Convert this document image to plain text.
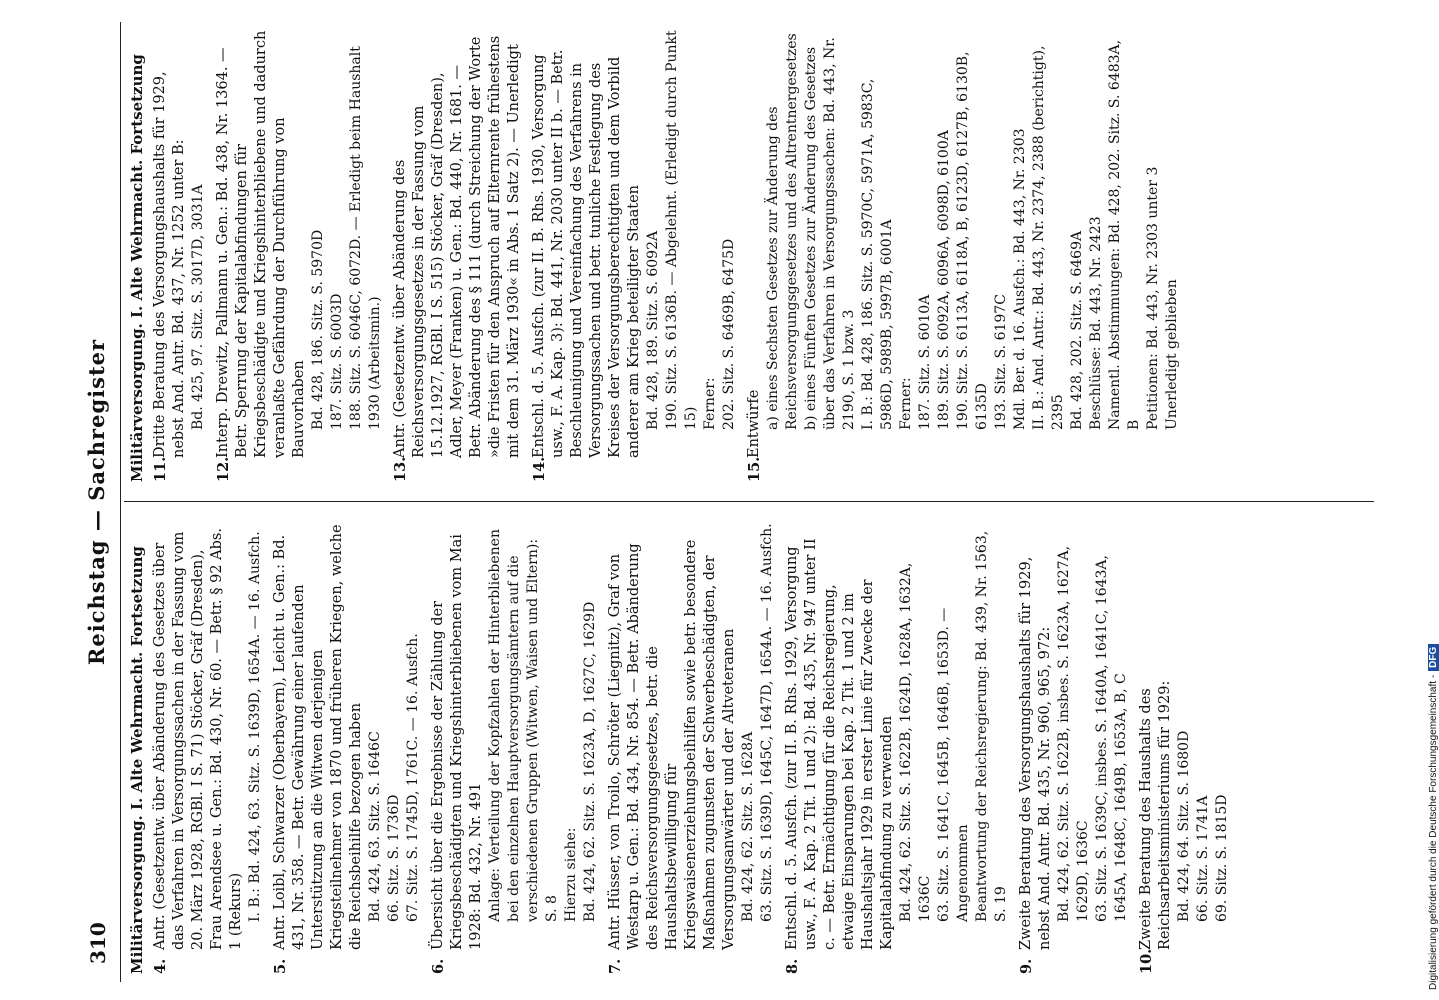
310
Reichstag — Sachregister
Militärversorgung. I. Alte Wehrmacht. Fortsetzung 4.
Antr. (Gesetzentw. über Abänderung des Gesetzes über das Verfahren in Versorgungssachen in der Fassung vom 20. März 1928, RGBl. I S. 71) Stöcker, Gräf (Dresden), Frau Arendsee u. Gen.: Bd. 430, Nr. 60. — Betr. § 92 Abs. 1 (Rekurs) I. B.: Bd. 424, 63. Sitz. S. 1639D, 1654A. — 16. Ausfch.
5.
Antr. Loibl, Schwarzer (Oberbayern), Leicht u. Gen.: Bd. 431, Nr. 358. — Betr. Gewährung einer laufenden Unterstützung an die Witwen derjenigen Kriegsteilnehmer von 1870 und früheren Kriegen, welche die Reichsbeihilfe bezogen haben Bd. 424, 63. Sitz. S. 1646C 66. Sitz. S. 1736D 67. Sitz. S. 1745D, 1761C. — 16. Ausfch.
6.
Übersicht über die Ergebnisse der Zählung der Kriegsbeschädigten und Kriegshinterbliebenen vom Mai 1928: Bd. 432, Nr. 491 Anlage: Verteilung der Kopfzahlen der Hinterbliebenen bei den einzelnen Hauptversorgungsämtern auf die verschiedenen Gruppen (Witwen, Waisen und Eltern): S. 8 Hierzu siehe: Bd. 424, 62. Sitz. S. 1623A, D, 1627C, 1629D
7.
Antr. Hüsser, von Troilo, Schröter (Liegnitz), Graf von Westarp u. Gen.: Bd. 434, Nr. 854. — Betr. Abänderung des Reichsversorgungsgesetzes, betr. die Haushaltsbewilligung für Kriegswaisenerziehungsbeihilfen sowie betr. besondere Maßnahmen zugunsten der Schwerbeschädigten, der Versorgungsanwärter und der Altveteranen Bd. 424, 62. Sitz. S. 1628A 63. Sitz. S. 1639D, 1645C, 1647D, 1654A. — 16. Ausfch.
8.
Entschl. d. 5. Ausfch. (zur II. B. Rhs. 1929, Versorgung usw., F. A. Kap. 2 Tit. 1 und 2): Bd. 435, Nr. 947 unter II c. — Betr. Ermächtigung für die Reichsregierung, etwaige Einsparungen bei Kap. 2 Tit. 1 und 2 im Haushaltsjahr 1929 in erster Linie für Zwecke der Kapitalabfindung zu verwenden Bd. 424, 62. Sitz. S. 1622B, 1624D, 1628A, 1632A, 1636C 63. Sitz. S. 1641C, 1645B, 1646B, 1653D. — Angenommen Beantwortung der Reichsregierung: Bd. 439, Nr. 1563, S. 19
9.
Zweite Beratung des Versorgungshaushalts für 1929, nebst And. Antr. Bd. 435, Nr. 960, 965, 972: Bd. 424, 62. Sitz. S. 1622B, insbes. S. 1623A, 1627A, 1629D, 1636C 63. Sitz. S. 1639C, insbes. S. 1640A, 1641C, 1643A, 1645A, 1648C, 1649B, 1653A, B, C
10.
Zweite Beratung des Haushalts des Reichsarbeitsministeriums für 1929: Bd. 424, 64. Sitz. S. 1680D 66. Sitz. S. 1741A 69. Sitz. S. 1815D
Militärversorgung. I. Alte Wehrmacht. Fortsetzung 11.
Dritte Beratung des Versorgungshaushalts für 1929, nebst And. Antr. Bd. 437, Nr. 1252 unter B: Bd. 425, 97. Sitz. S. 3017D, 3031A
12.
Interp. Drewitz, Pallmann u. Gen.: Bd. 438, Nr. 1364. — Betr. Sperrung der Kapitalabfindungen für Kriegsbeschädigte und Kriegshinterbliebene und dadurch veranlaßte Gefährdung der Durchführung von Bauvorhaben Bd. 428, 186. Sitz. S. 5970D 187. Sitz. S. 6003D 188. Sitz. S. 6046C, 6072D. — Erledigt beim Haushalt 1930 (Arbeitsmin.)
13.
Antr. (Gesetzentw. über Abänderung des Reichsversorgungsgesetzes in der Fassung vom 15.12.1927, RGBl. I S. 515) Stöcker, Gräf (Dresden), Adler, Meyer (Franken) u. Gen.: Bd. 440, Nr. 1681. — Betr. Abänderung des § 111 (durch Streichung der Worte »die Fristen für den Anspruch auf Elternrente frühestens mit dem 31. März 1930« in Abs. 1 Satz 2). — Unerledigt
14.
Entschl. d. 5. Ausfch. (zur II. B. Rhs. 1930, Versorgung usw., F. A. Kap. 3): Bd. 441, Nr. 2030 unter II b. — Betr. Beschleunigung und Vereinfachung des Verfahrens in Versorgungssachen und betr. tunliche Festlegung des Kreises der Versorgungsberechtigten und dem Vorbild anderer am Krieg beteiligter Staaten Bd. 428, 189. Sitz. S. 6092A 190. Sitz. S. 6136B. — Abgelehnt. (Erledigt durch Punkt 15) Ferner: 202. Sitz. S. 6469B, 6475D
15.
Entwürfe a) eines Sechsten Gesetzes zur Änderung des Reichsversorgungsgesetzes und des Altrentnergesetzes b) eines Fünften Gesetzes zur Änderung des Gesetzes über das Verfahren in Versorgungssachen: Bd. 443, Nr. 2190, S. 1 bzw. 3 I. B.: Bd. 428, 186. Sitz. S. 5970C, 5971A, 5983C, 5986D, 5989B, 5997B, 6001A Ferner: 187. Sitz. S. 6010A 189. Sitz. S. 6092A, 6096A, 6098D, 6100A 190. Sitz. S. 6113A, 6118A, B, 6123D, 6127B, 6130B, 6135D 193. Sitz. S. 6197C Mdl. Ber. d. 16. Ausfch.: Bd. 443, Nr. 2303 II. B.: And. Antr.: Bd. 443, Nr. 2374, 2388 (berichtigt), 2395 Bd. 428, 202. Sitz. S. 6469A Beschlüsse: Bd. 443, Nr. 2423 Namentl. Abstimmungen: Bd. 428, 202. Sitz. S. 6483A, B Petitionen: Bd. 443, Nr. 2303 unter 3 Unerledigt geblieben
Digitalisierung gefördert durch die Deutsche Forschungsgemeinschaft -DFG
